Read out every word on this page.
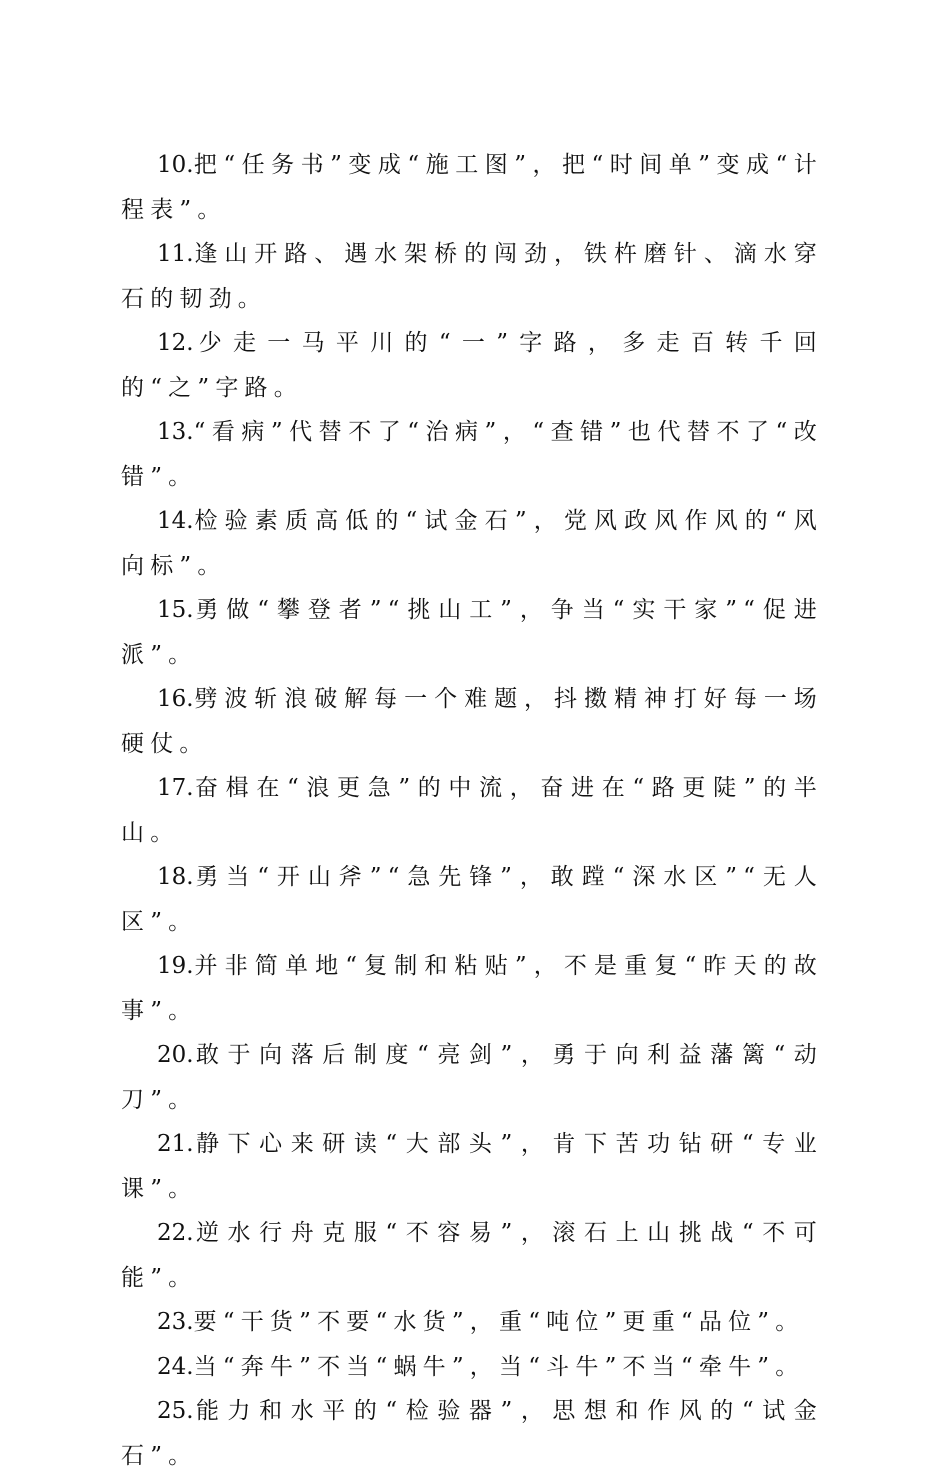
10.把“任务书”变成“施工图”，把“时间单”变成“计程表”。

11.逢山开路、遇水架桥的闯劲，铁杵磨针、滴水穿石的韧劲。

12.少走一马平川的“一”字路，多走百转千回的“之”字路。

13.“看病”代替不了“治病”，“查错”也代替不了“改错”。

14.检验素质高低的“试金石”，党风政风作风的“风向标”。

15.勇做“攀登者”“挑山工”，争当“实干家”“促进派”。

16.劈波斩浪破解每一个难题，抖擞精神打好每一场硬仗。

17.奋楫在“浪更急”的中流，奋进在“路更陡”的半山。

18.勇当“开山斧”“急先锋”，敢蹚“深水区”“无人区”。

19.并非简单地“复制和粘贴”，不是重复“昨天的故事”。

20.敢于向落后制度“亮剑”，勇于向利益藩篱“动刀”。

21.静下心来研读“大部头”，肯下苦功钻研“专业课”。

22.逆水行舟克服“不容易”，滚石上山挑战“不可能”。

23.要“干货”不要“水货”，重“吨位”更重“品位”。

24.当“奔牛”不当“蜗牛”，当“斗牛”不当“牵牛”。

25.能力和水平的“检验器”，思想和作风的“试金石”。
